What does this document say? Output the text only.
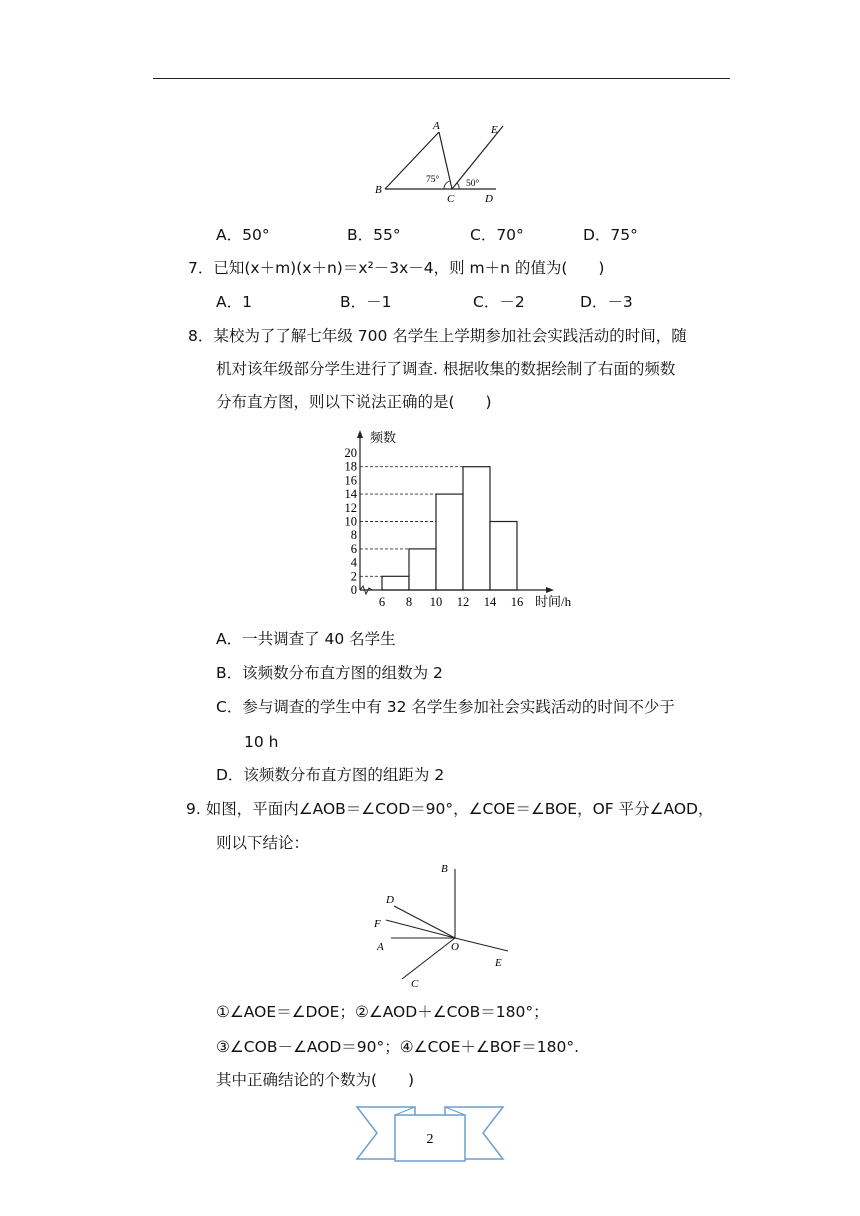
A
B
C	D
E
75°	50°
A．50°	B．55°	C．70°	D．75°
7．已知(x＋m)(x＋n)＝x²－3x－4，则 m＋n 的值为(　　)
A．1	B．－1	C．－2	D．－3
8．某校为了了解七年级 700 名学生上学期参加社会实践活动的时间，随
机对该年级部分学生进行了调查. 根据收集的数据绘制了右面的频数
分布直方图，则以下说法正确的是(　　)
0
2
4
6
8
10
12
14
16
18
20
6 8 10 12 14 16
频数
时间/h
A．一共调查了 40 名学生
B．该频数分布直方图的组数为 2
C．参与调查的学生中有 32 名学生参加社会实践活动的时间不少于
10 h
D．该频数分布直方图的组距为 2
9. 如图，平面内∠AOB＝∠COD＝90°，∠COE＝∠BOE，OF 平分∠AOD，
则以下结论：
B
D
F
A	O
E
C
①∠AOE＝∠DOE；②∠AOD＋∠COB＝180°；
③∠COB－∠AOD＝90°；④∠COE＋∠BOF＝180°.
其中正确结论的个数为(　　)
2
